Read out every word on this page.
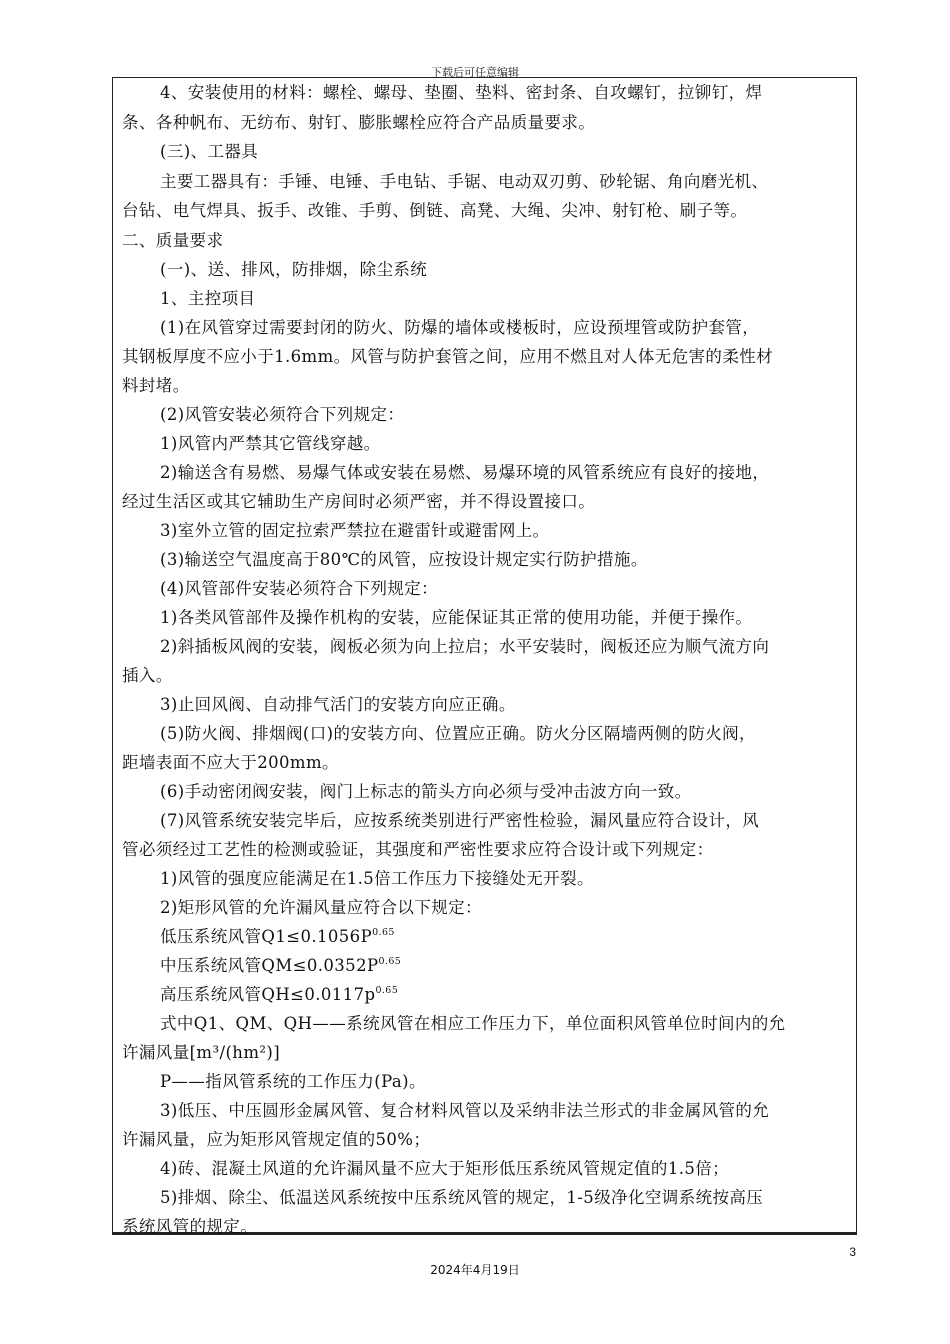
下载后可任意编辑
4、安装使用的材料：螺栓、螺母、垫圈、垫料、密封条、自攻螺钉，拉铆钉，焊
条、各种帆布、无纺布、射钉、膨胀螺栓应符合产品质量要求。
(三)、工器具
主要工器具有：手锤、电锤、手电钻、手锯、电动双刃剪、砂轮锯、角向磨光机、
台钻、电气焊具、扳手、改锥、手剪、倒链、高凳、大绳、尖冲、射钉枪、刷子等。
二、质量要求
(一)、送、排风，防排烟，除尘系统
1、主控项目
(1)在风管穿过需要封闭的防火、防爆的墙体或楼板时，应设预埋管或防护套管，
其钢板厚度不应小于1.6mm。风管与防护套管之间，应用不燃且对人体无危害的柔性材
料封堵。
(2)风管安装必须符合下列规定：
1)风管内严禁其它管线穿越。
2)输送含有易燃、易爆气体或安装在易燃、易爆环境的风管系统应有良好的接地，
经过生活区或其它辅助生产房间时必须严密，并不得设置接口。
3)室外立管的固定拉索严禁拉在避雷针或避雷网上。
(3)输送空气温度高于80℃的风管，应按设计规定实行防护措施。
(4)风管部件安装必须符合下列规定：
1)各类风管部件及操作机构的安装，应能保证其正常的使用功能，并便于操作。
2)斜插板风阀的安装，阀板必须为向上拉启；水平安装时，阀板还应为顺气流方向
插入。
3)止回风阀、自动排气活门的安装方向应正确。
(5)防火阀、排烟阀(口)的安装方向、位置应正确。防火分区隔墙两侧的防火阀，
距墙表面不应大于200mm。
(6)手动密闭阀安装，阀门上标志的箭头方向必须与受冲击波方向一致。
(7)风管系统安装完毕后，应按系统类别进行严密性检验，漏风量应符合设计，风
管必须经过工艺性的检测或验证，其强度和严密性要求应符合设计或下列规定：
1)风管的强度应能满足在1.5倍工作压力下接缝处无开裂。
2)矩形风管的允许漏风量应符合以下规定：
低压系统风管$Q1\le 0.1056P^{0.65}$
中压系统风管$QM\le 0.0352P^{0.65}$
高压系统风管$QH\le 0.0117p^{0.65}$
式中Q1、QM、QH——系统风管在相应工作压力下，单位面积风管单位时间内的允
许漏风量[m³/(hm²)]
P——指风管系统的工作压力(Pa)。
3)低压、中压圆形金属风管、复合材料风管以及采纳非法兰形式的非金属风管的允
许漏风量，应为矩形风管规定值的50%；
4)砖、混凝土风道的允许漏风量不应大于矩形低压系统风管规定值的1.5倍；
5)排烟、除尘、低温送风系统按中压系统风管的规定，1-5级净化空调系统按高压
系统风管的规定。
3
2024年4月19日
